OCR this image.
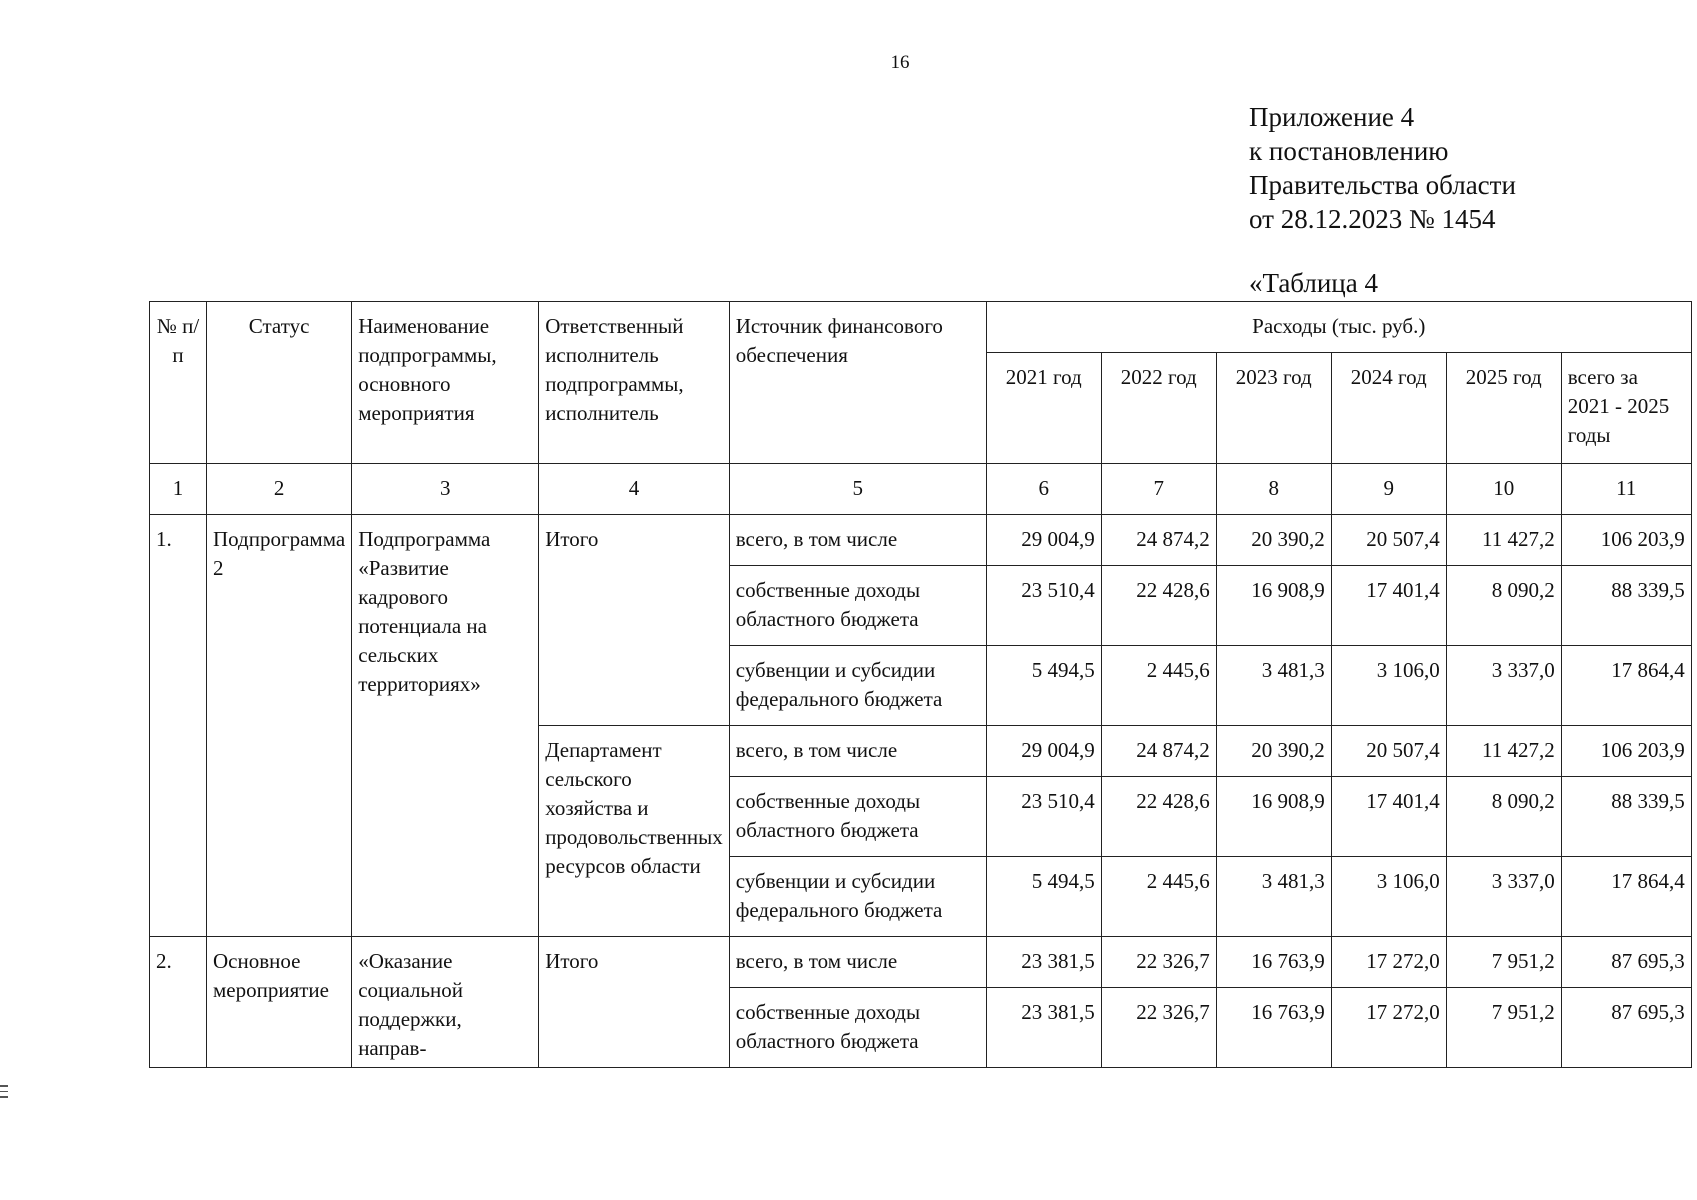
16
Приложение 4
к постановлению
Правительства области
от 28.12.2023 № 1454
«Таблица 4
№ п/п	Статус	Наименование подпрограммы, основного мероприятия	Ответственный исполнитель подпрограммы, исполнитель	Источник финансового обеспечения	Расходы (тыс. руб.)					
					2021 год	2022 год	2023 год	2024 год	2025 год	всего за 2021 - 2025 годы
1	2	3	4	5	6	7	8	9	10	11
1.	Подпрограмма 2	Подпрограмма «Развитие кадрового потенциала на сельских территориях»	Итого	всего, в том числе	29 004,9	24 874,2	20 390,2	20 507,4	11 427,2	106 203,9
				собственные доходы областного бюджета	23 510,4	22 428,6	16 908,9	17 401,4	8 090,2	88 339,5
				субвенции и субсидии федерального бюджета	5 494,5	2 445,6	3 481,3	3 106,0	3 337,0	17 864,4
			Департамент сельского хозяйства и продовольственных ресурсов области	всего, в том числе	29 004,9	24 874,2	20 390,2	20 507,4	11 427,2	106 203,9
				собственные доходы областного бюджета	23 510,4	22 428,6	16 908,9	17 401,4	8 090,2	88 339,5
				субвенции и субсидии федерального бюджета	5 494,5	2 445,6	3 481,3	3 106,0	3 337,0	17 864,4
2.	Основное мероприятие	«Оказание социальной поддержки, направ-	Итого	всего, в том числе	23 381,5	22 326,7	16 763,9	17 272,0	7 951,2	87 695,3
				собственные доходы областного бюджета	23 381,5	22 326,7	16 763,9	17 272,0	7 951,2	87 695,3
